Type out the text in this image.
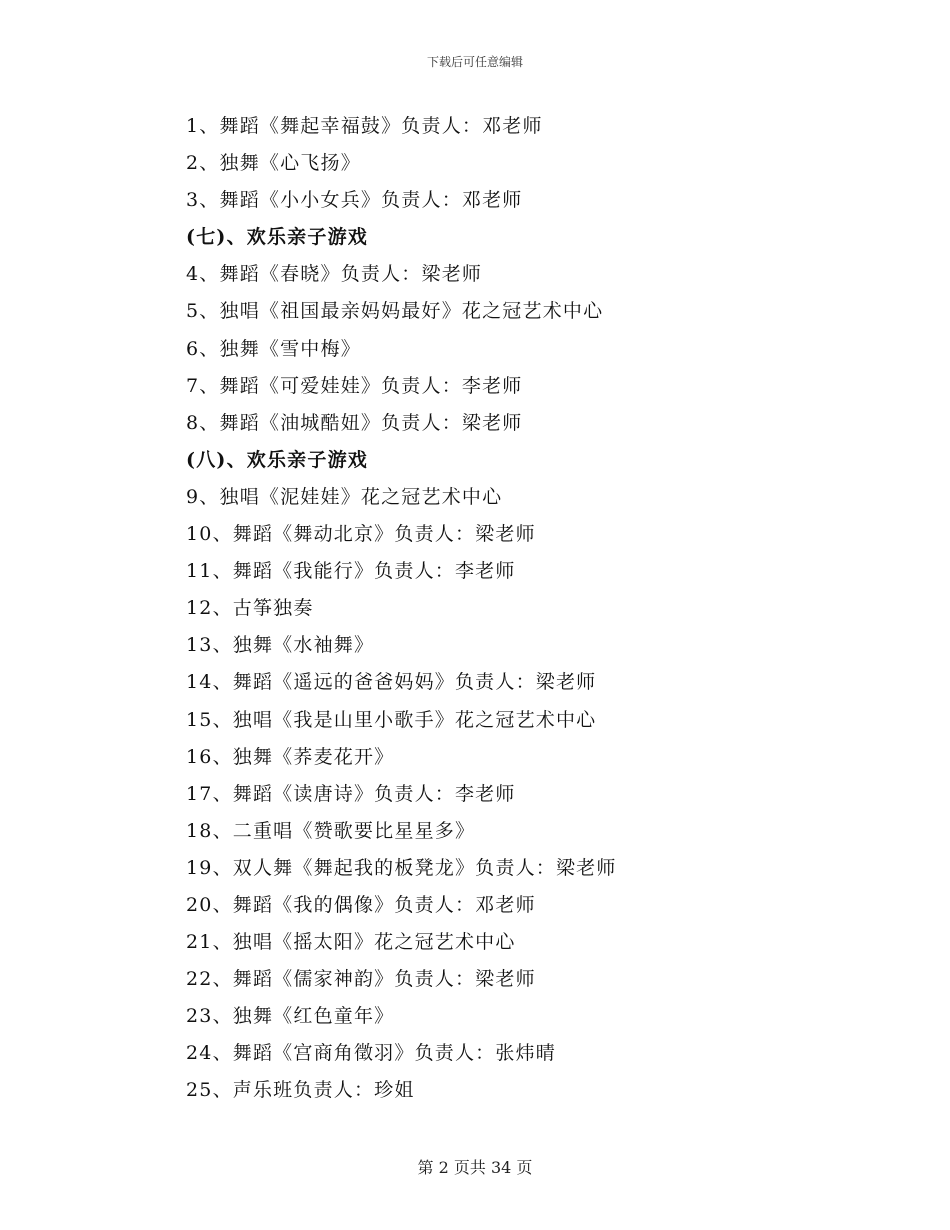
下载后可任意编辑
1、舞蹈《舞起幸福鼓》负责人：邓老师
2、独舞《心飞扬》
3、舞蹈《小小女兵》负责人：邓老师
(七)、欢乐亲子游戏
4、舞蹈《春晓》负责人：梁老师
5、独唱《祖国最亲妈妈最好》花之冠艺术中心
6、独舞《雪中梅》
7、舞蹈《可爱娃娃》负责人：李老师
8、舞蹈《油城酷妞》负责人：梁老师
(八)、欢乐亲子游戏
9、独唱《泥娃娃》花之冠艺术中心
10、舞蹈《舞动北京》负责人：梁老师
11、舞蹈《我能行》负责人：李老师
12、古筝独奏
13、独舞《水袖舞》
14、舞蹈《遥远的爸爸妈妈》负责人：梁老师
15、独唱《我是山里小歌手》花之冠艺术中心
16、独舞《荞麦花开》
17、舞蹈《读唐诗》负责人：李老师
18、二重唱《赞歌要比星星多》
19、双人舞《舞起我的板凳龙》负责人：梁老师
20、舞蹈《我的偶像》负责人：邓老师
21、独唱《摇太阳》花之冠艺术中心
22、舞蹈《儒家神韵》负责人：梁老师
23、独舞《红色童年》
24、舞蹈《宫商角徵羽》负责人：张炜晴
25、声乐班负责人：珍姐
第 2 页共 34 页
